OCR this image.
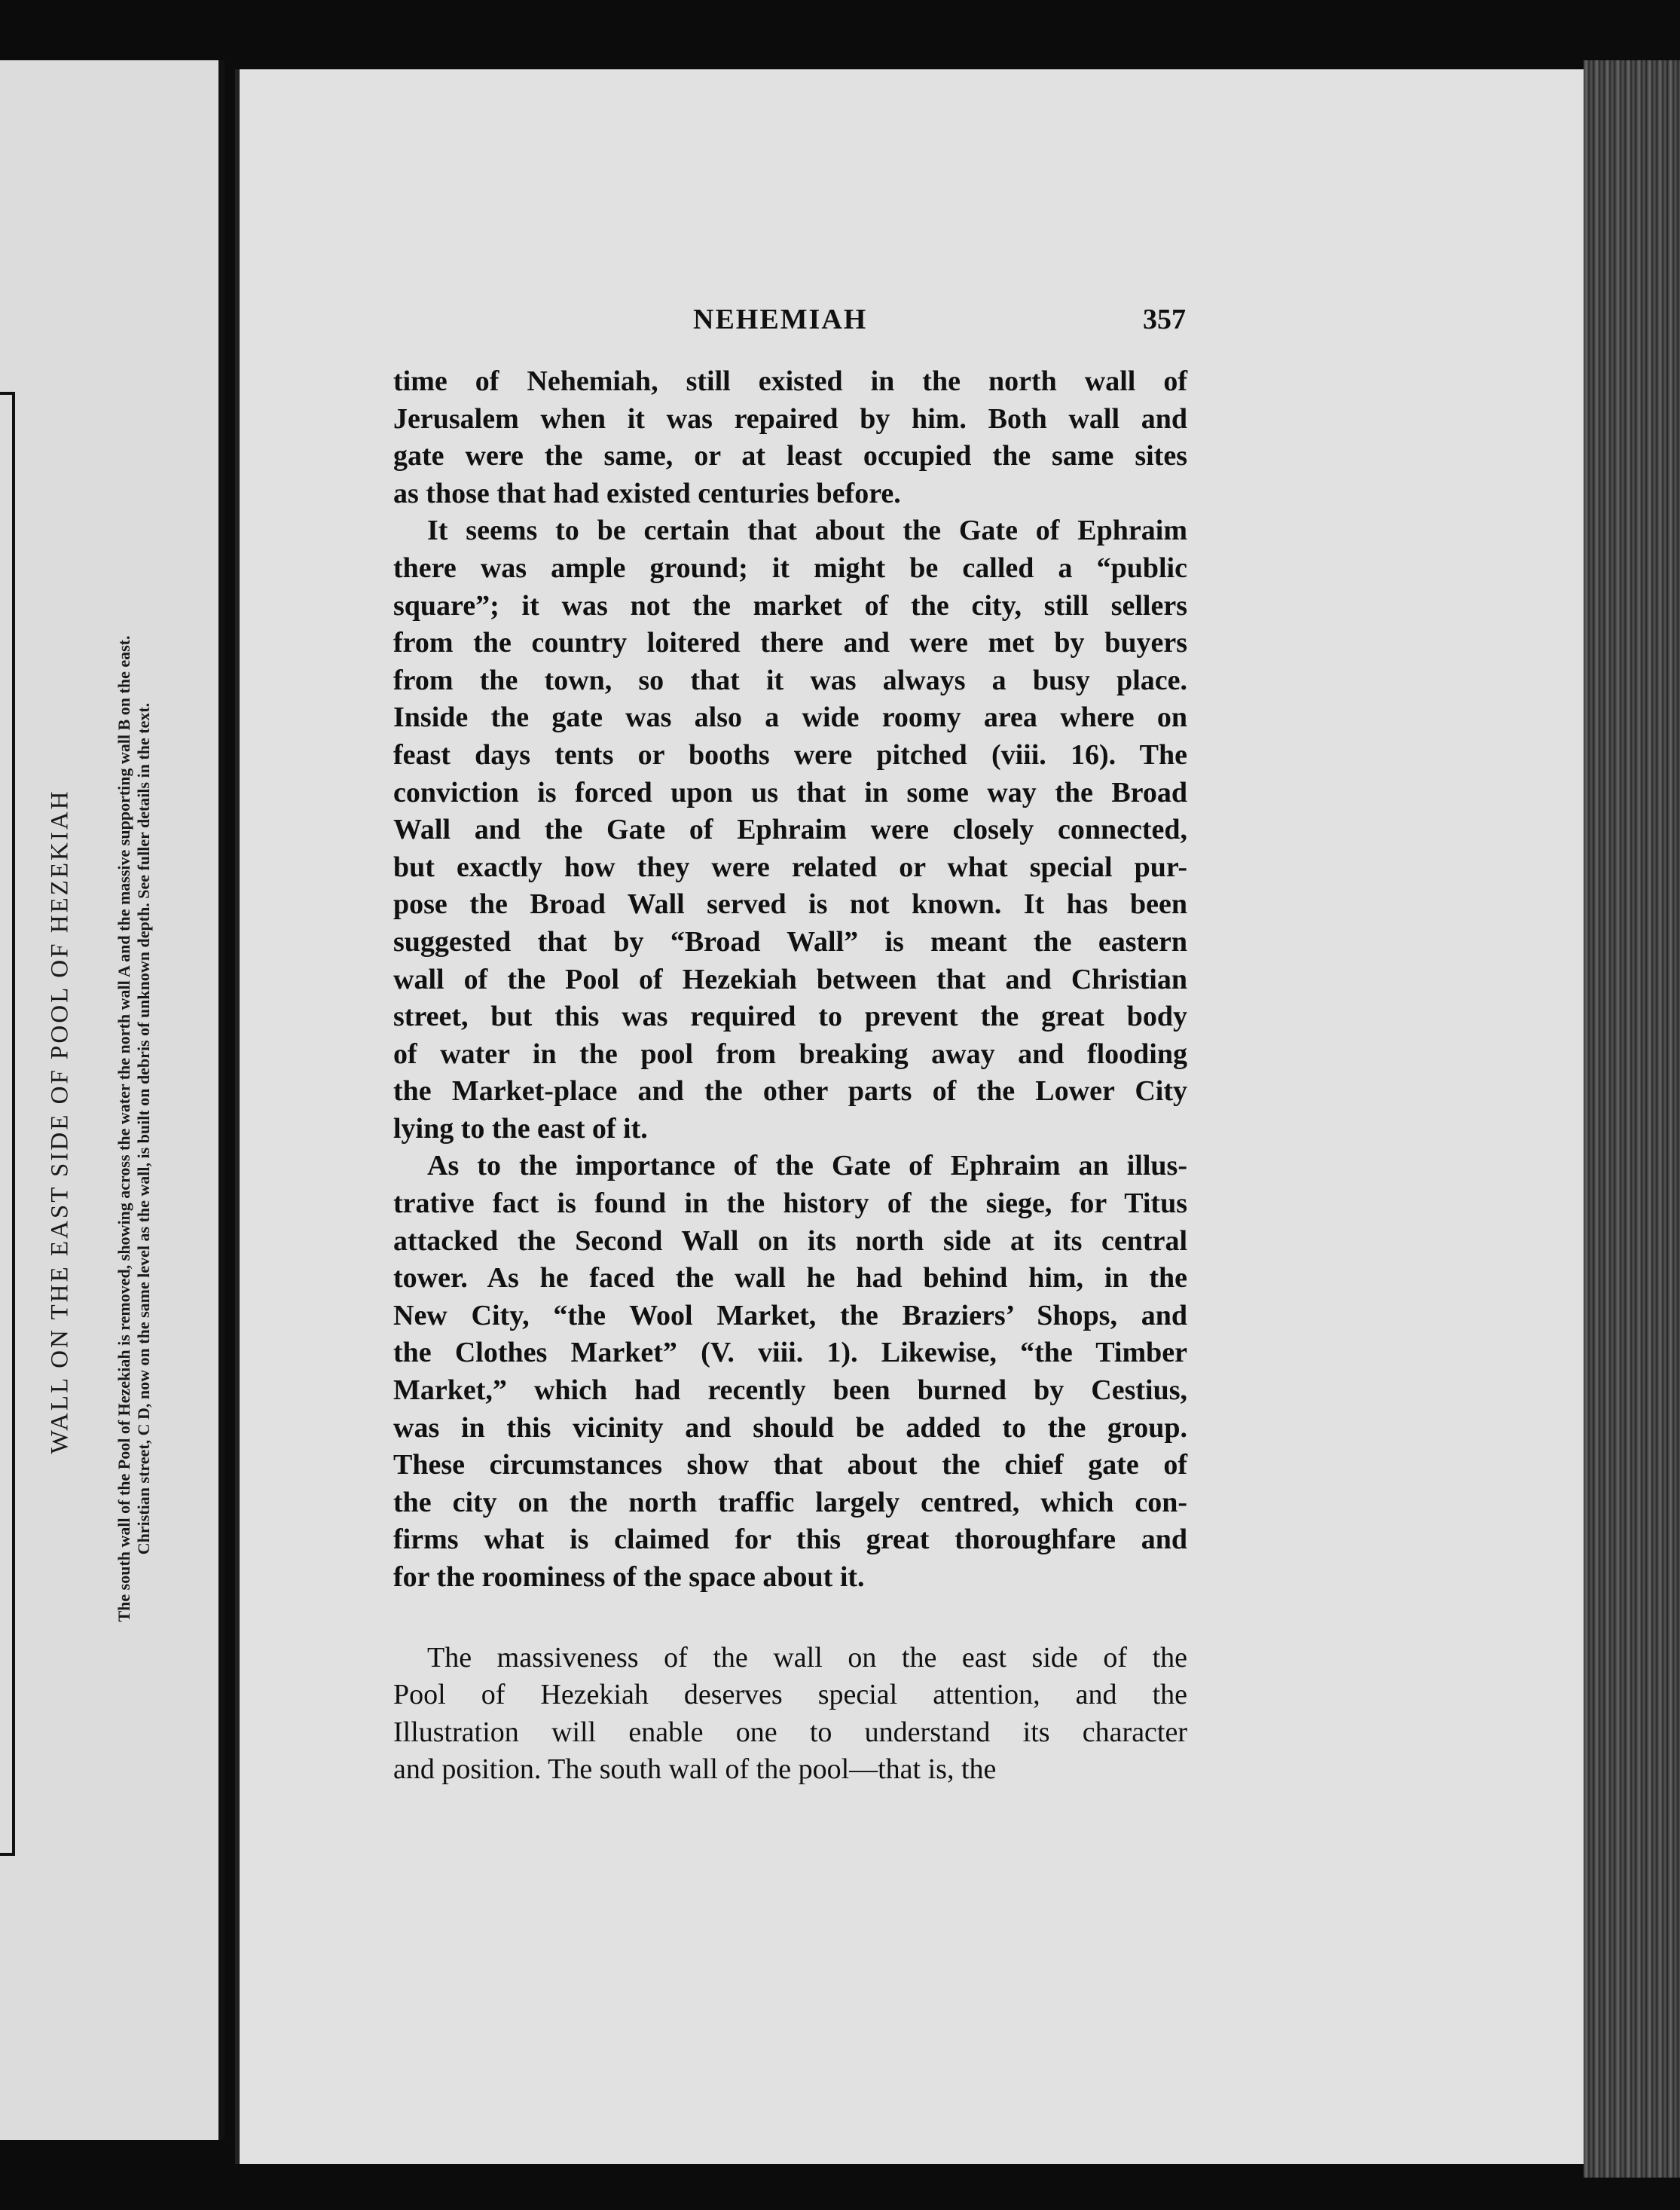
WALL ON THE EAST SIDE OF POOL OF HEZEKIAH The south wall of the Pool of Hezekiah is removed, showing across the water the north wall A and the massive supporting wall B on the east. Christian street, C D, now on the same level as the wall, is built on debris of unknown depth. See fuller details in the text.
NEHEMIAH	357
time of Nehemiah, still existed in the north wall of
Jerusalem when it was repaired by him. Both wall and
gate were the same, or at least occupied the same sites
as those that had existed centuries before.
It seems to be certain that about the Gate of Ephraim
there was ample ground; it might be called a “public
square”; it was not the market of the city, still sellers
from the country loitered there and were met by buyers
from the town, so that it was always a busy place.
Inside the gate was also a wide roomy area where on
feast days tents or booths were pitched (viii. 16). The
conviction is forced upon us that in some way the Broad
Wall and the Gate of Ephraim were closely connected,
but exactly how they were related or what special pur-
pose the Broad Wall served is not known. It has been
suggested that by “Broad Wall” is meant the eastern
wall of the Pool of Hezekiah between that and Christian
street, but this was required to prevent the great body
of water in the pool from breaking away and flooding
the Market-place and the other parts of the Lower City
lying to the east of it.
As to the importance of the Gate of Ephraim an illus-
trative fact is found in the history of the siege, for Titus
attacked the Second Wall on its north side at its central
tower. As he faced the wall he had behind him, in the
New City, “the Wool Market, the Braziers’ Shops, and
the Clothes Market” (V. viii. 1). Likewise, “the Timber
Market,” which had recently been burned by Cestius,
was in this vicinity and should be added to the group.
These circumstances show that about the chief gate of
the city on the north traffic largely centred, which con-
firms what is claimed for this great thoroughfare and
for the roominess of the space about it.
The massiveness of the wall on the east side of the
Pool of Hezekiah deserves special attention, and the
Illustration will enable one to understand its character
and position. The south wall of the pool—that is, the
